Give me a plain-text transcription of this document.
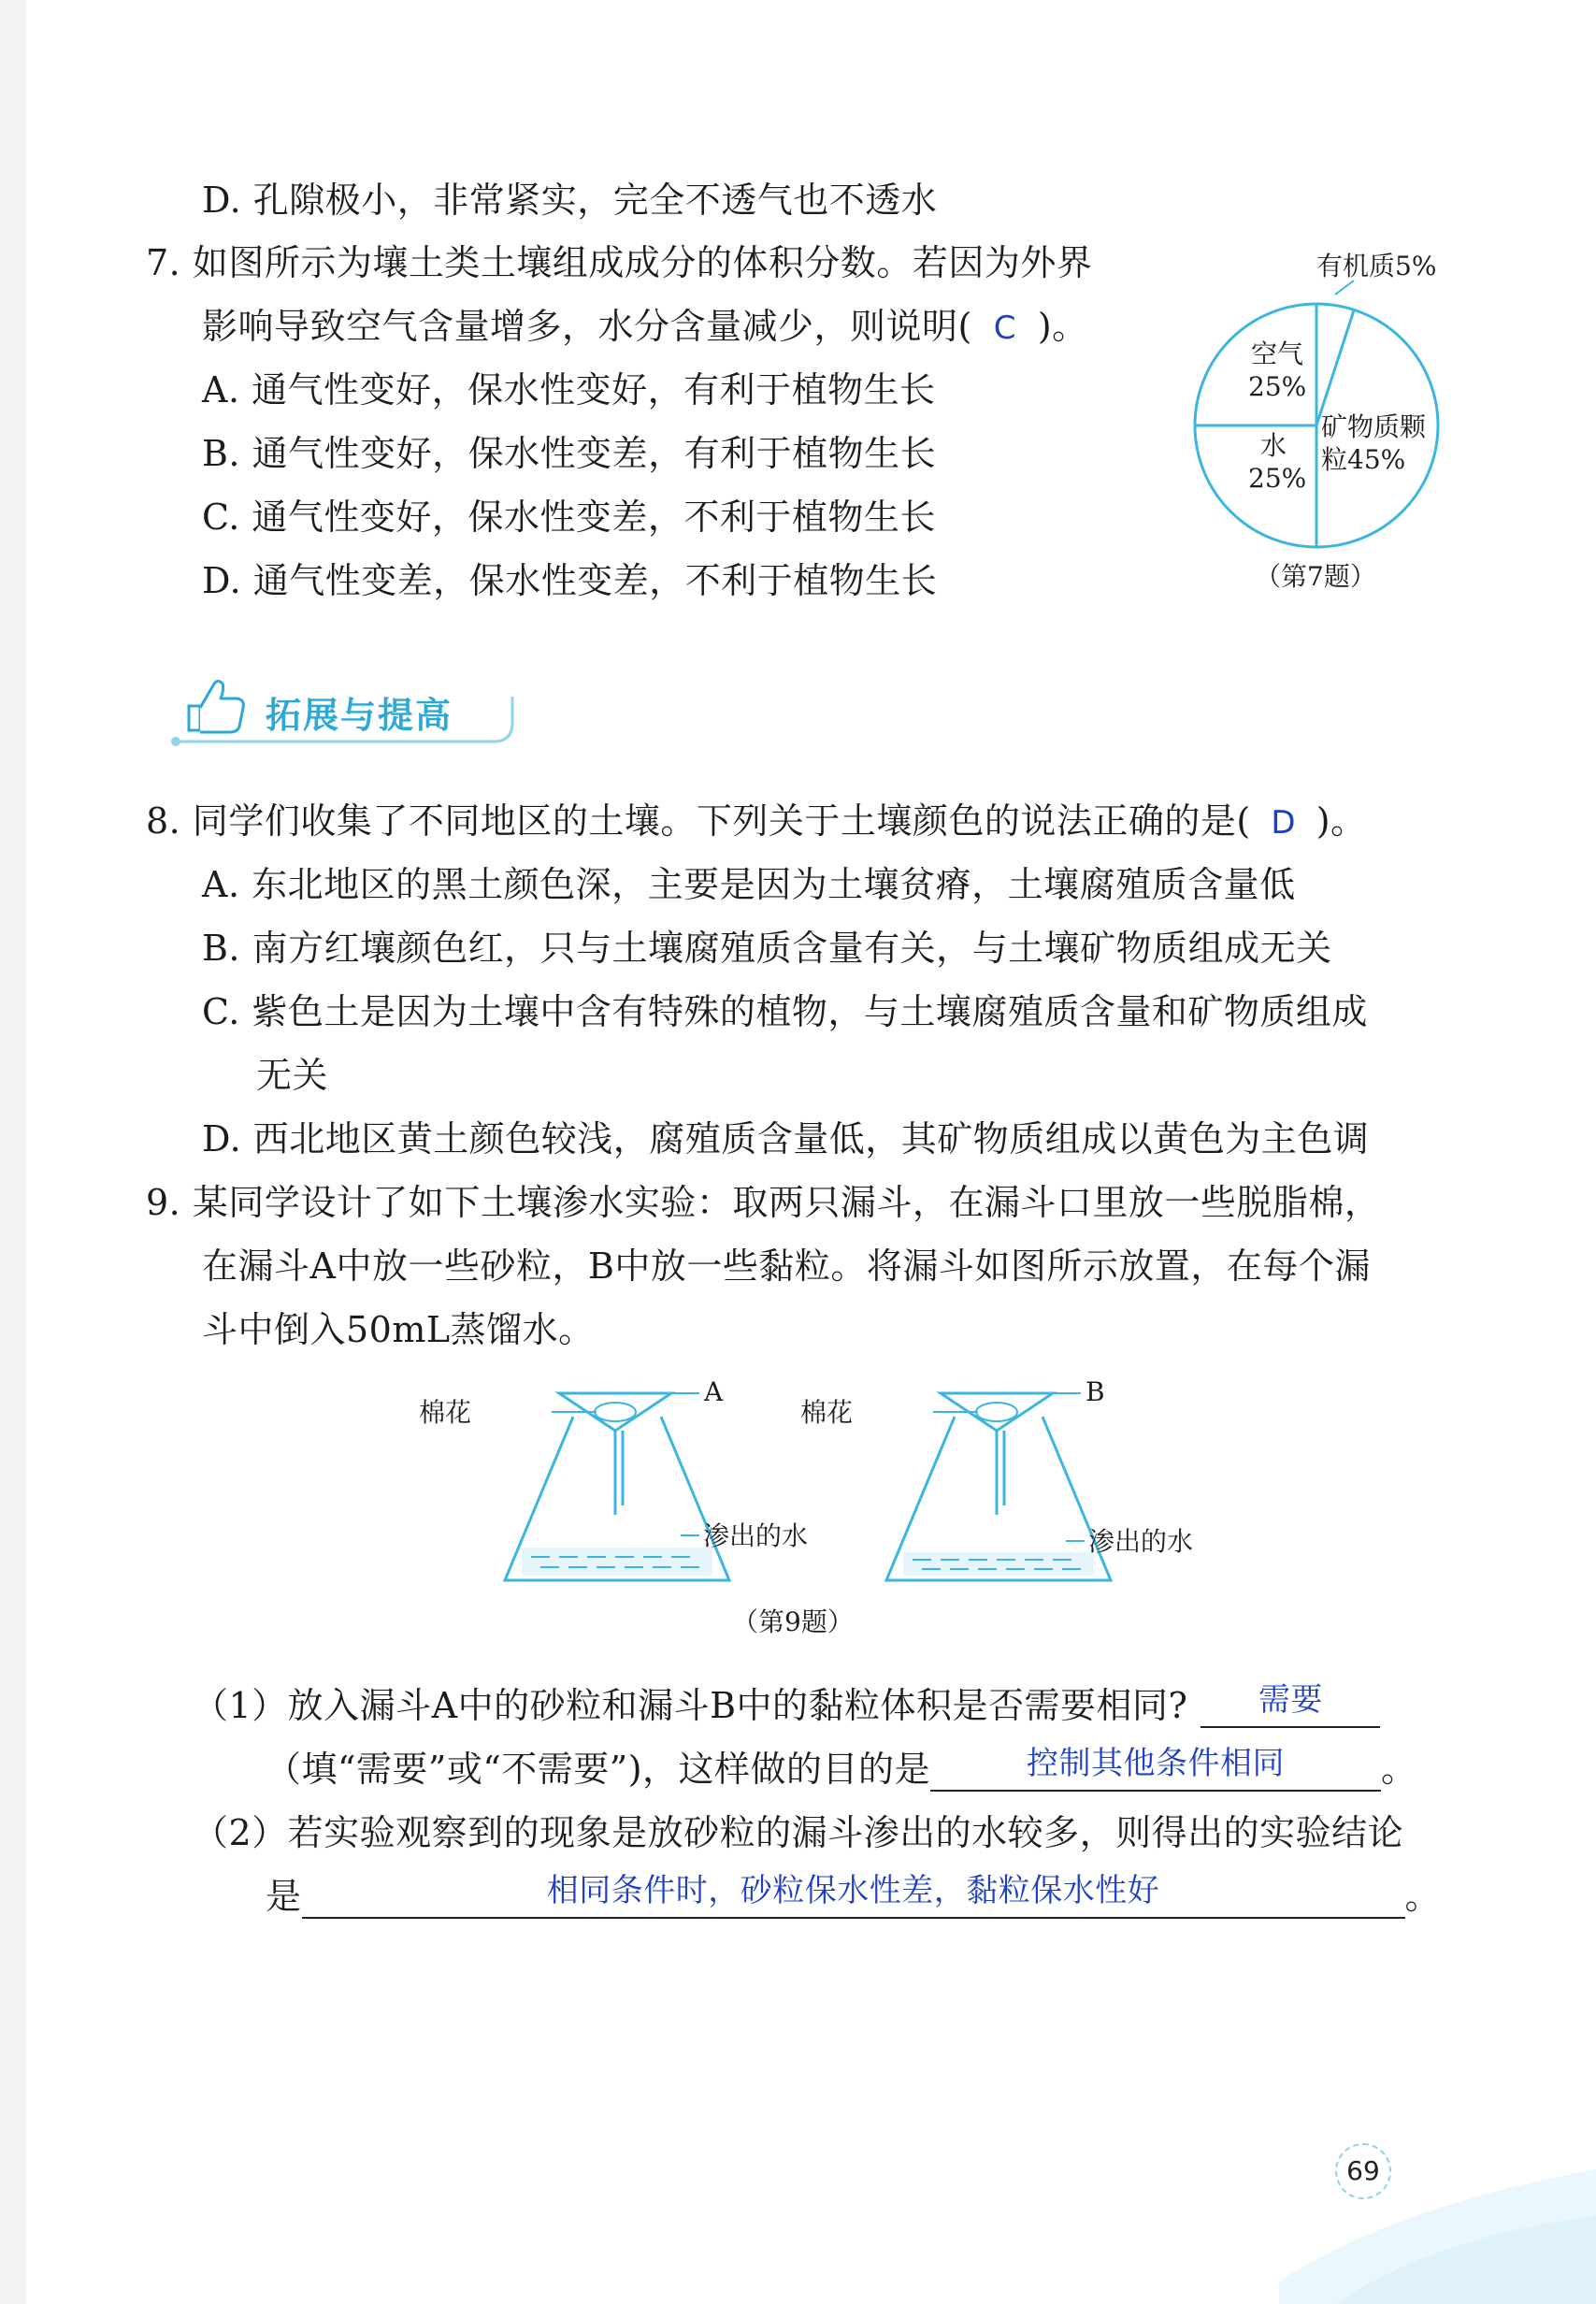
D. 孔隙极小，非常紧实，完全不透气也不透水
7. 如图所示为壤土类土壤组成成分的体积分数。若因为外界
影响导致空气含量增多，水分含量减少，则说明( C )。
A. 通气性变好，保水性变好，有利于植物生长
B. 通气性变好，保水性变差，有利于植物生长
C. 通气性变好，保水性变差，不利于植物生长
D. 通气性变差，保水性变差，不利于植物生长
有机质5%
空气
25%
水
25%
矿物质颗
粒45%
（第7题）
拓展与提高
8. 同学们收集了不同地区的土壤。下列关于土壤颜色的说法正确的是( D )。
A. 东北地区的黑土颜色深，主要是因为土壤贫瘠，土壤腐殖质含量低
B. 南方红壤颜色红，只与土壤腐殖质含量有关，与土壤矿物质组成无关
C. 紫色土是因为土壤中含有特殊的植物，与土壤腐殖质含量和矿物质组成
无关
D. 西北地区黄土颜色较浅，腐殖质含量低，其矿物质组成以黄色为主色调
9. 某同学设计了如下土壤渗水实验：取两只漏斗，在漏斗口里放一些脱脂棉，
在漏斗A中放一些砂粒，B中放一些黏粒。将漏斗如图所示放置，在每个漏
斗中倒入50mL蒸馏水。
棉花
A
渗出的水
棉花
B
渗出的水
（第9题）
（1）放入漏斗A中的砂粒和漏斗B中的黏粒体积是否需要相同? 需要
（填“需要”或“不需要”)，这样做的目的是	控制其他条件相同	。
（2）若实验观察到的现象是放砂粒的漏斗渗出的水较多，则得出的实验结论
是	相同条件时，砂粒保水性差，黏粒保水性好	。
69
